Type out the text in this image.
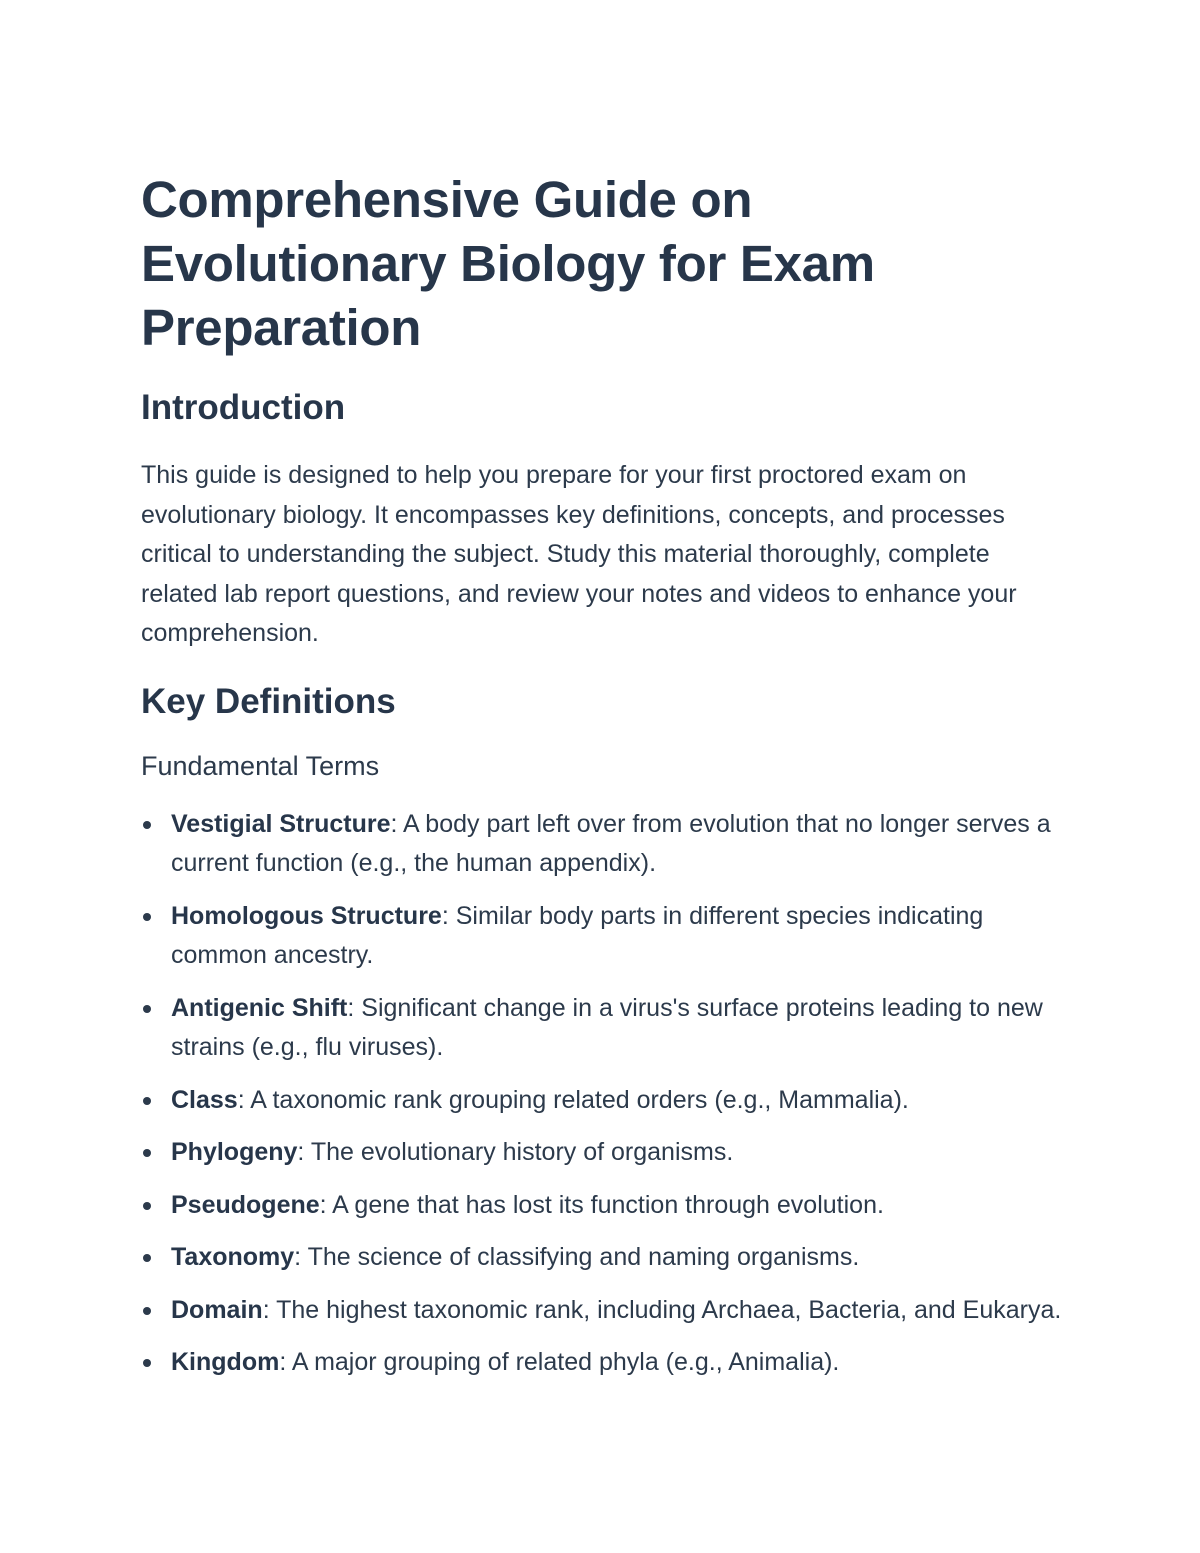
Comprehensive Guide on Evolutionary Biology for Exam Preparation
Introduction

This guide is designed to help you prepare for your first proctored exam on evolutionary biology. It encompasses key definitions, concepts, and processes critical to understanding the subject. Study this material thoroughly, complete related lab report questions, and review your notes and videos to enhance your comprehension.

Key Definitions
Fundamental Terms
Vestigial Structure: A body part left over from evolution that no longer serves a current function (e.g., the human appendix).
Homologous Structure: Similar body parts in different species indicating common ancestry.
Antigenic Shift: Significant change in a virus's surface proteins leading to new strains (e.g., flu viruses).
Class: A taxonomic rank grouping related orders (e.g., Mammalia).
Phylogeny: The evolutionary history of organisms.
Pseudogene: A gene that has lost its function through evolution.
Taxonomy: The science of classifying and naming organisms.
Domain: The highest taxonomic rank, including Archaea, Bacteria, and Eukarya.
Kingdom: A major grouping of related phyla (e.g., Animalia).
